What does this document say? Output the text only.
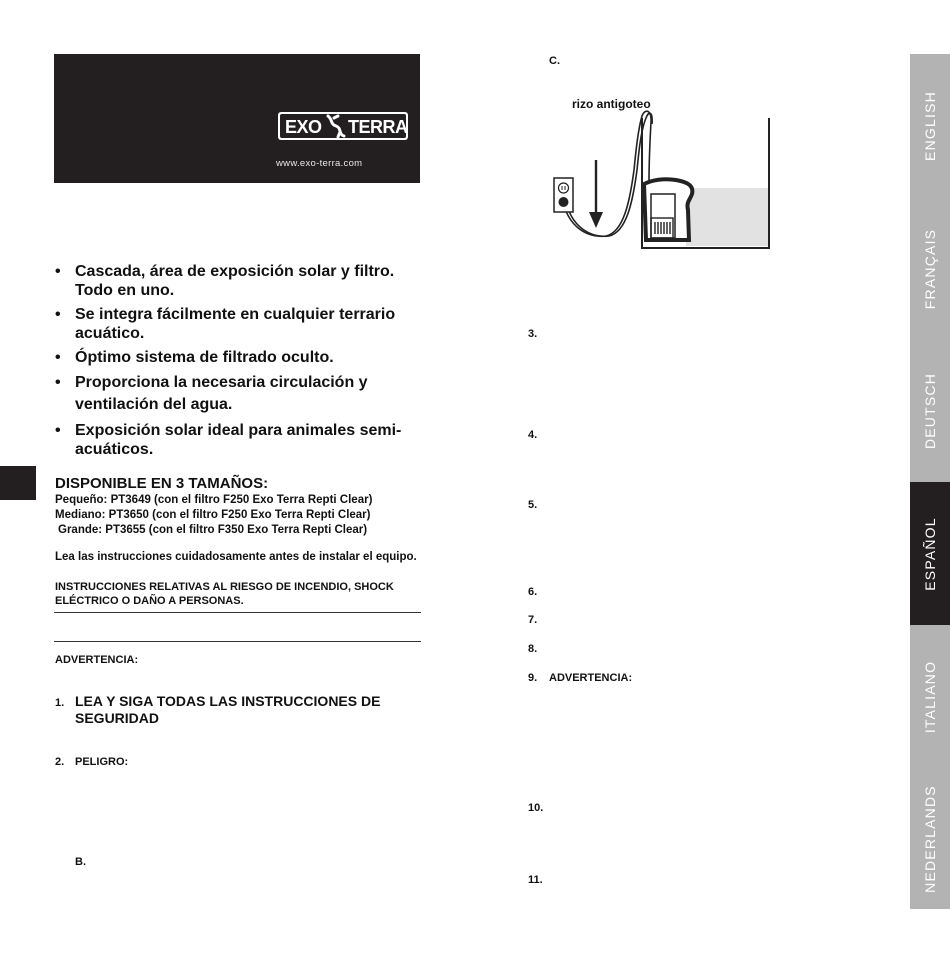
EXO TERRA
www.exo-terra.com
• Cascada, área de exposición solar y filtro. Todo en uno.
• Se integra fácilmente en cualquier terrario acuático.
• Óptimo sistema de filtrado oculto.
• Proporciona la necesaria circulación y ventilación del agua.
• Exposición solar ideal para animales semi-acuáticos.
DISPONIBLE EN 3 TAMAÑOS:
Pequeño: PT3649 (con el filtro F250 Exo Terra Repti Clear)
Mediano: PT3650 (con el filtro F250 Exo Terra Repti Clear)
Grande: PT3655 (con el filtro F350 Exo Terra Repti Clear)
Lea las instrucciones cuidadosamente antes de instalar el equipo.
INSTRUCCIONES RELATIVAS AL RIESGO DE INCENDIO, SHOCK ELÉCTRICO O DAÑO A PERSONAS.
ADVERTENCIA:
1. LEA Y SIGA TODAS LAS INSTRUCCIONES DE SEGURIDAD
2. PELIGRO:
B.
C.
rizo antigoteo
3.
4.
5.
6.
7.
8.
9. ADVERTENCIA:
10.
11.
ENGLISH
FRANÇAIS
DEUTSCH
ESPAÑOL
ITALIANO
NEDERLANDS
